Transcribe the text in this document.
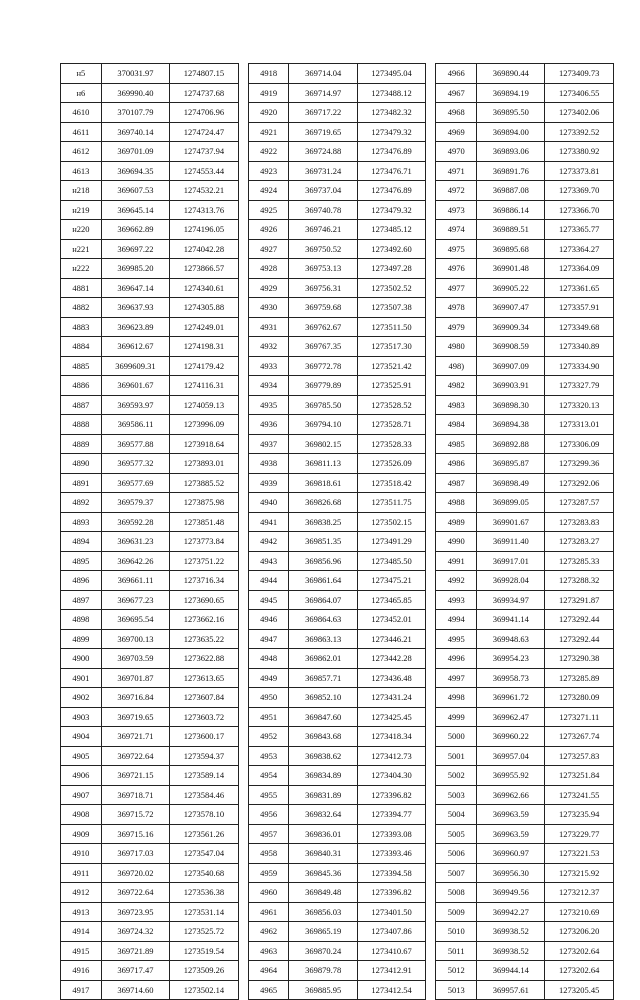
н5	370031.97	1274807.15
н6	369990.40	1274737.68
4610	370107.79	1274706.96
4611	369740.14	1274724.47
4612	369701.09	1274737.94
4613	369694.35	1274553.44
н218	369607.53	1274532.21
н219	369645.14	1274313.76
н220	369662.89	1274196.05
н221	369697.22	1274042.28
н222	369985.20	1273866.57
4881	369647.14	1274340.61
4882	369637.93	1274305.88
4883	369623.89	1274249.01
4884	369612.67	1274198.31
4885	3699609.31	1274179.42
4886	369601.67	1274116.31
4887	369593.97	1274059.13
4888	369586.11	1273996.09
4889	369577.88	1273918.64
4890	369577.32	1273893.01
4891	369577.69	1273885.52
4892	369579.37	1273875.98
4893	369592.28	1273851.48
4894	369631.23	1273773.84
4895	369642.26	1273751.22
4896	369661.11	1273716.34
4897	369677.23	1273690.65
4898	369695.54	1273662.16
4899	369700.13	1273635.22
4900	369703.59	1273622.88
4901	369701.87	1273613.65
4902	369716.84	1273607.84
4903	369719.65	1273603.72
4904	369721.71	1273600.17
4905	369722.64	1273594.37
4906	369721.15	1273589.14
4907	369718.71	1273584.46
4908	369715.72	1273578.10
4909	369715.16	1273561.26
4910	369717.03	1273547.04
4911	369720.02	1273540.68
4912	369722.64	1273536.38
4913	369723.95	1273531.14
4914	369724.32	1273525.72
4915	369721.89	1273519.54
4916	369717.47	1273509.26
4917	369714.60	1273502.14
4918	369714.04	1273495.04
4919	369714.97	1273488.12
4920	369717.22	1273482.32
4921	369719.65	1273479.32
4922	369724.88	1273476.89
4923	369731.24	1273476.71
4924	369737.04	1273476.89
4925	369740.78	1273479.32
4926	369746.21	1273485.12
4927	369750.52	1273492.60
4928	369753.13	1273497.28
4929	369756.31	1273502.52
4930	369759.68	1273507.38
4931	369762.67	1273511.50
4932	369767.35	1273517.30
4933	369772.78	1273521.42
4934	369779.89	1273525.91
4935	369785.50	1273528.52
4936	369794.10	1273528.71
4937	369802.15	1273528.33
4938	369811.13	1273526.09
4939	369818.61	1273518.42
4940	369826.68	1273511.75
4941	369838.25	1273502.15
4942	369851.35	1273491.29
4943	369856.96	1273485.50
4944	369861.64	1273475.21
4945	369864.07	1273465.85
4946	369864.63	1273452.01
4947	369863.13	1273446.21
4948	369862.01	1273442.28
4949	369857.71	1273436.48
4950	369852.10	1273431.24
4951	369847.60	1273425.45
4952	369843.68	1273418.34
4953	369838.62	1273412.73
4954	369834.89	1273404.30
4955	369831.89	1273396.82
4956	369832.64	1273394.77
4957	369836.01	1273393.08
4958	369840.31	1273393.46
4959	369845.36	1273394.58
4960	369849.48	1273396.82
4961	369856.03	1273401.50
4962	369865.19	1273407.86
4963	369870.24	1273410.67
4964	369879.78	1273412.91
4965	369885.95	1273412.54
4966	369890.44	1273409.73
4967	369894.19	1273406.55
4968	369895.50	1273402.06
4969	369894.00	1273392.52
4970	369893.06	1273380.92
4971	369891.76	1273373.81
4972	369887.08	1273369.70
4973	369886.14	1273366.70
4974	369889.51	1273365.77
4975	369895.68	1273364.27
4976	369901.48	1273364.09
4977	369905.22	1273361.65
4978	369907.47	1273357.91
4979	369909.34	1273349.68
4980	369908.59	1273340.89
498)	369907.09	1273334.90
4982	369903.91	1273327.79
4983	369898.30	1273320.13
4984	369894.38	1273313.01
4985	369892.88	1273306.09
4986	369895.87	1273299.36
4987	369898.49	1273292.06
4988	369899.05	1273287.57
4989	369901.67	1273283.83
4990	369911.40	1273283.27
4991	369917.01	1273285.33
4992	369928.04	1273288.32
4993	369934.97	1273291.87
4994	369941.14	1273292.44
4995	369948.63	1273292.44
4996	369954.23	1273290.38
4997	369958.73	1273285.89
4998	369961.72	1273280.09
4999	369962.47	1273271.11
5000	369960.22	1273267.74
5001	369957.04	1273257.83
5002	369955.92	1273251.84
5003	369962.66	1273241.55
5004	369963.59	1273235.94
5005	369963.59	1273229.77
5006	369960.97	1273221.53
5007	369956.30	1273215.92
5008	369949.56	1273212.37
5009	369942.27	1273210.69
5010	369938.52	1273206.20
5011	369938.52	1273202.64
5012	369944.14	1273202.64
5013	369957.61	1273205.45
